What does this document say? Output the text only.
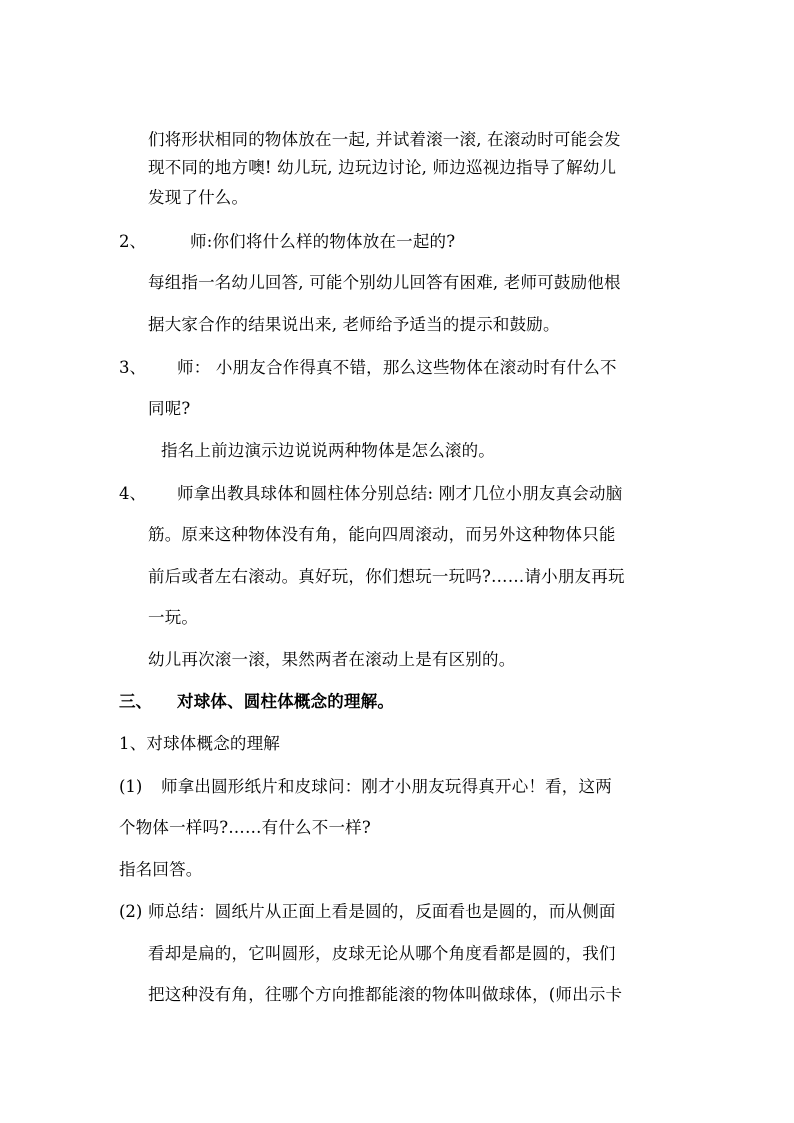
们将形状相同的物体放在一起, 并试着滚一滚, 在滚动时可能会发
现不同的地方噢! 幼儿玩, 边玩边讨论, 师边巡视边指导了解幼儿
发现了什么。
2、	师:你们将什么样的物体放在一起的?
每组指一名幼儿回答, 可能个别幼儿回答有困难, 老师可鼓励他根
据大家合作的结果说出来, 老师给予适当的提示和鼓励。
3、 师： 小朋友合作得真不错，那么这些物体在滚动时有什么不
同呢?
指名上前边演示边说说两种物体是怎么滚的。
4、 师拿出教具球体和圆柱体分别总结: 刚才几位小朋友真会动脑
筋。原来这种物体没有角，能向四周滚动，而另外这种物体只能
前后或者左右滚动。真好玩，你们想玩一玩吗?……请小朋友再玩
一玩。
幼儿再次滚一滚，果然两者在滚动上是有区别的。
三、 对球体、圆柱体概念的理解。
1、对球体概念的理解
(1) 师拿出圆形纸片和皮球问：刚才小朋友玩得真开心！看，这两
个物体一样吗?……有什么不一样?
指名回答。
(2) 师总结：圆纸片从正面上看是圆的，反面看也是圆的，而从侧面
看却是扁的，它叫圆形，皮球无论从哪个角度看都是圆的，我们
把这种没有角，往哪个方向推都能滚的物体叫做球体，(师出示卡
